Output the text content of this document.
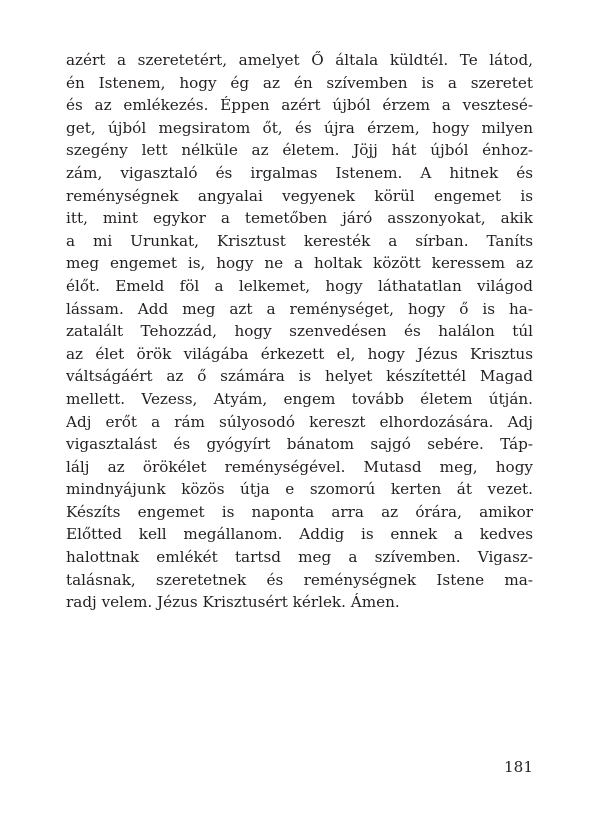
azért a szeretetért, amelyet Ő általa küldtél. Te látod,
én Istenem, hogy ég az én szívemben is a szeretet
és az emlékezés. Éppen azért újból érzem a vesztesé-
get, újból megsiratom őt, és újra érzem, hogy milyen
szegény lett nélküle az életem. Jöjj hát újból énhoz-
zám, vigasztaló és irgalmas Istenem. A hitnek és
reménységnek angyalai vegyenek körül engemet is
itt, mint egykor a temetőben járó asszonyokat, akik
a mi Urunkat, Krisztust keresték a sírban. Taníts
meg engemet is, hogy ne a holtak között keressem az
élőt. Emeld föl a lelkemet, hogy láthatatlan világod
lássam. Add meg azt a reménységet, hogy ő is ha-
zatalált Tehozzád, hogy szenvedésen és halálon túl
az élet örök világába érkezett el, hogy Jézus Krisztus
váltságáért az ő számára is helyet készítettél Magad
mellett. Vezess, Atyám, engem tovább életem útján.
Adj erőt a rám súlyosodó kereszt elhordozására. Adj
vigasztalást és gyógyírt bánatom sajgó sebére. Táp-
lálj az örökélet reménységével. Mutasd meg, hogy
mindnyájunk közös útja e szomorú kerten át vezet.
Készíts engemet is naponta arra az órára, amikor
Előtted kell megállanom. Addig is ennek a kedves
halottnak emlékét tartsd meg a szívemben. Vigasz-
talásnak, szeretetnek és reménységnek Istene ma-
radj velem. Jézus Krisztusért kérlek. Ámen.
181
